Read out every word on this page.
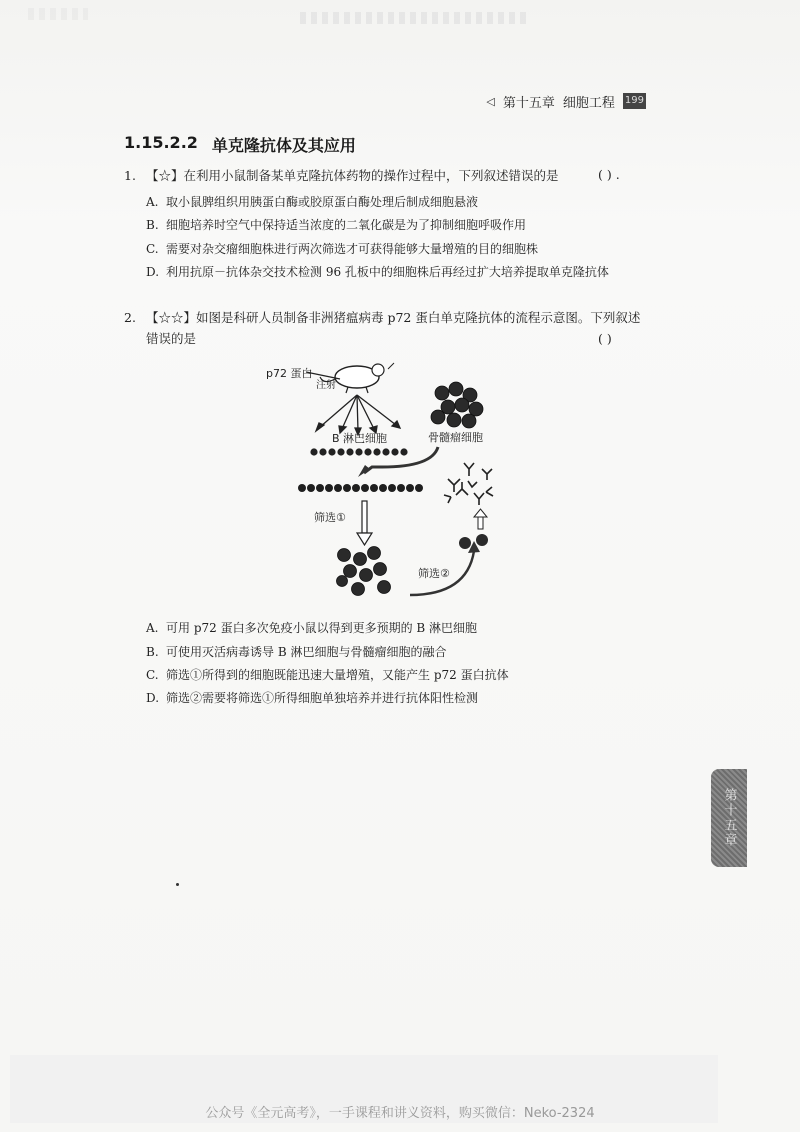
◁ 第十五章 细胞工程 199
1.15.2.2 单克隆抗体及其应用
1. 【☆】在利用小鼠制备某单克隆抗体药物的操作过程中，下列叙述错误的是	( ) .
A. 取小鼠脾组织用胰蛋白酶或胶原蛋白酶处理后制成细胞悬液
B. 细胞培养时空气中保持适当浓度的二氧化碳是为了抑制细胞呼吸作用
C. 需要对杂交瘤细胞株进行两次筛选才可获得能够大量增殖的目的细胞株
D. 利用抗原－抗体杂交技术检测 96 孔板中的细胞株后再经过扩大培养提取单克隆抗体
2. 【☆☆】如图是科研人员制备非洲猪瘟病毒 p72 蛋白单克隆抗体的流程示意图。下列叙述
错误的是	( )
p72 蛋白
注射
B 淋巴细胞	骨髓瘤细胞
筛选①
筛选②
A. 可用 p72 蛋白多次免疫小鼠以得到更多预期的 B 淋巴细胞
B. 可使用灭活病毒诱导 B 淋巴细胞与骨髓瘤细胞的融合
C. 筛选①所得到的细胞既能迅速大量增殖，又能产生 p72 蛋白抗体
D. 筛选②需要将筛选①所得细胞单独培养并进行抗体阳性检测
第十五章
公众号《全元高考》，一手课程和讲义资料，购买微信：Neko-2324
